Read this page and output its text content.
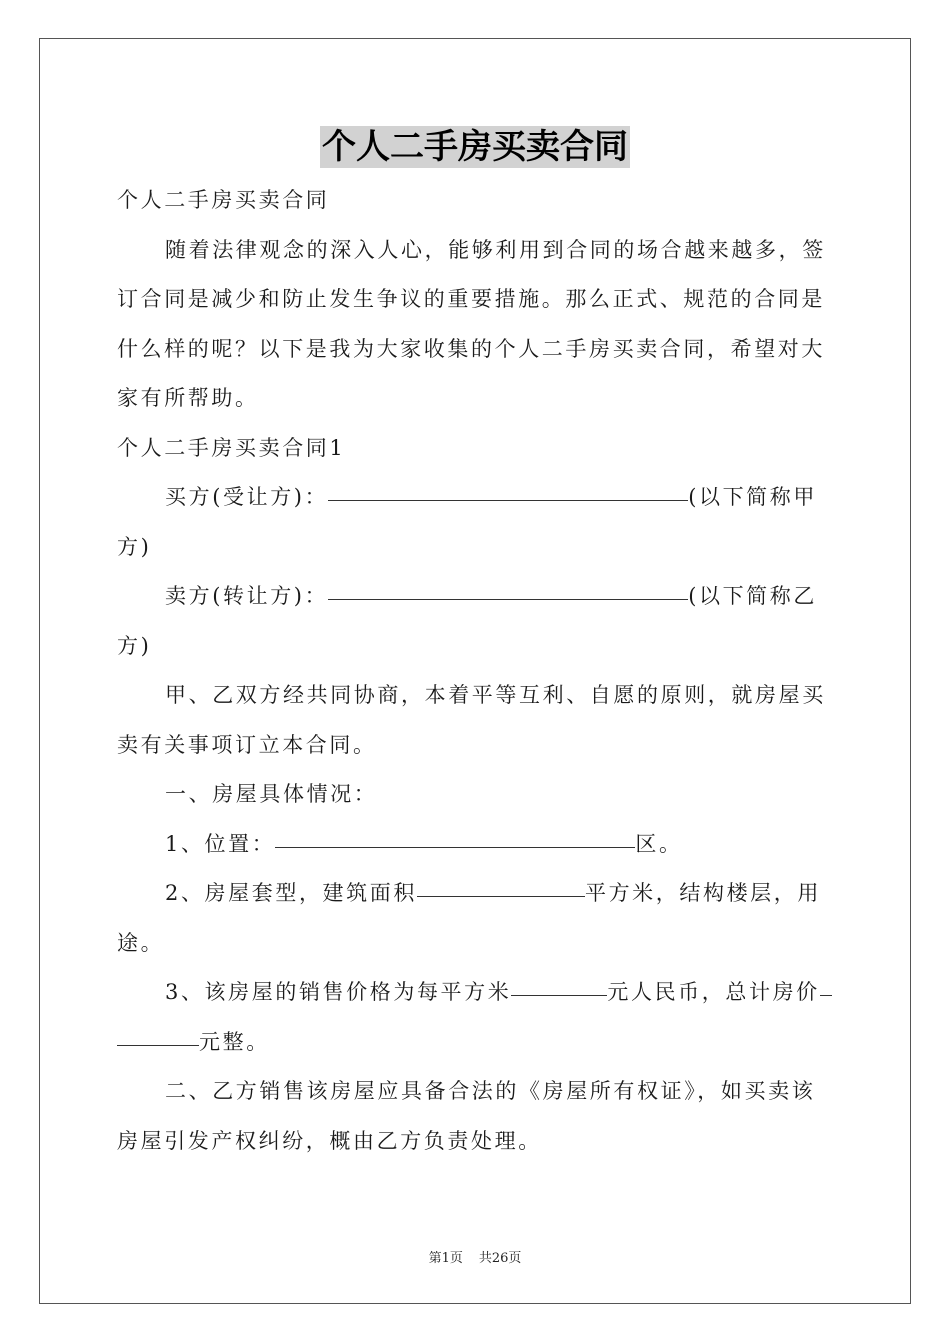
个人二手房买卖合同
个人二手房买卖合同
随着法律观念的深入人心，能够利用到合同的场合越来越多，签
订合同是减少和防止发生争议的重要措施。那么正式、规范的合同是
什么样的呢？以下是我为大家收集的个人二手房买卖合同，希望对大
家有所帮助。
个人二手房买卖合同1
买方(受让方)：	(以下简称甲
方)
卖方(转让方)：	(以下简称乙
方)
甲、乙双方经共同协商，本着平等互利、自愿的原则，就房屋买
卖有关事项订立本合同。
一、房屋具体情况：
1、位置：	区。
2、房屋套型，建筑面积	平方米，结构楼层，用
途。
3、该房屋的销售价格为每平方米	元人民币，总计房价
元整。
二、乙方销售该房屋应具备合法的《房屋所有权证》，如买卖该
房屋引发产权纠纷，概由乙方负责处理。
第1页 共26页
